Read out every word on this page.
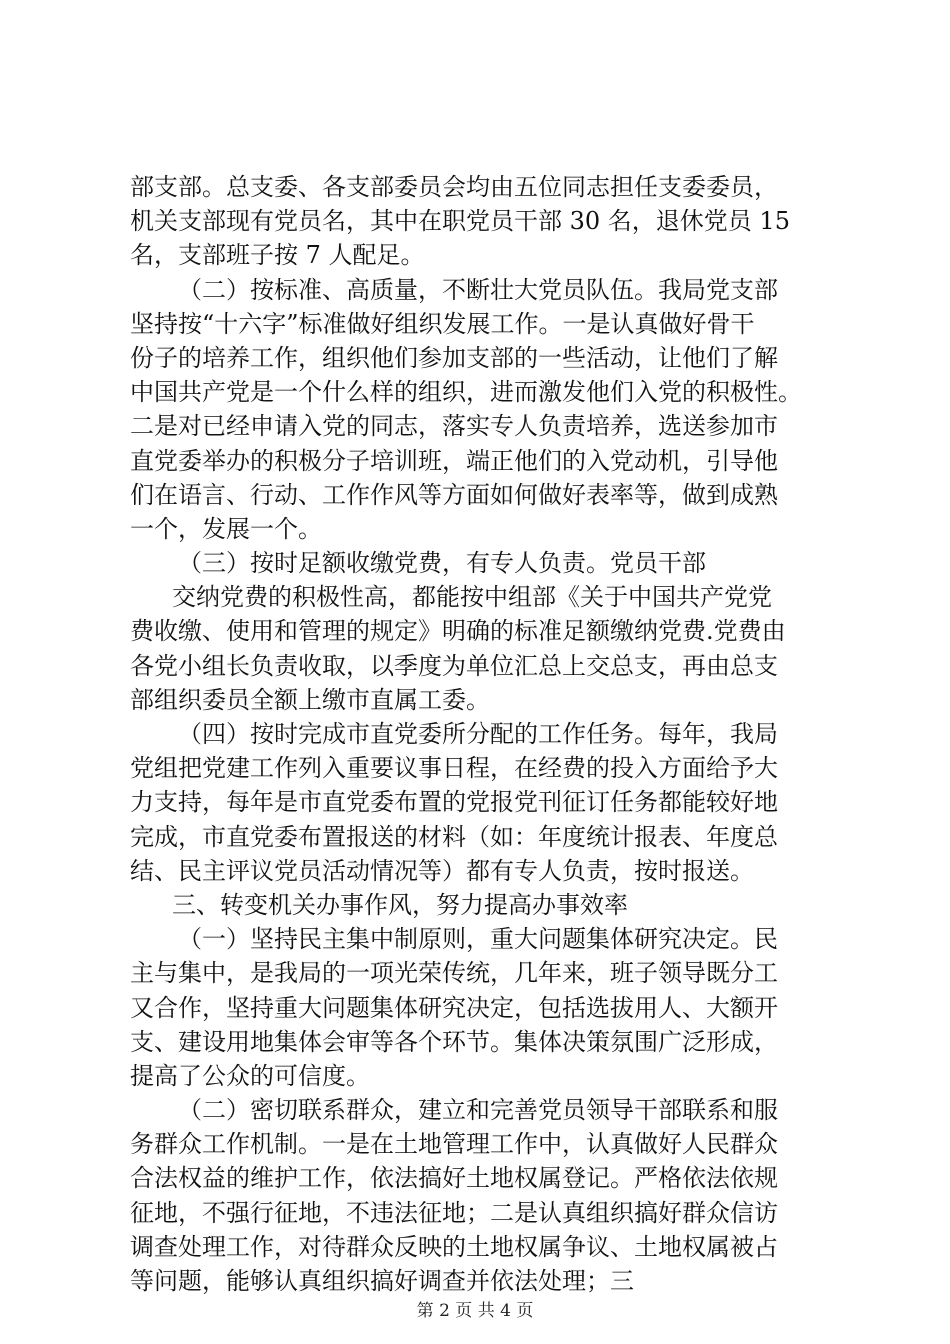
部支部。总支委、各支部委员会均由五位同志担任支委委员，
机关支部现有党员名，其中在职党员干部 30 名，退休党员 15
名，支部班子按 7 人配足。
（二）按标准、高质量，不断壮大党员队伍。我局党支部
坚持按“十六字”标准做好组织发展工作。一是认真做好骨干
份子的培养工作，组织他们参加支部的一些活动，让他们了解
中国共产党是一个什么样的组织，进而激发他们入党的积极性。
二是对已经申请入党的同志，落实专人负责培养，选送参加市
直党委举办的积极分子培训班，端正他们的入党动机，引导他
们在语言、行动、工作作风等方面如何做好表率等，做到成熟
一个，发展一个。
（三）按时足额收缴党费，有专人负责。党员干部
交纳党费的积极性高，都能按中组部《关于中国共产党党
费收缴、使用和管理的规定》明确的标准足额缴纳党费.党费由
各党小组长负责收取，以季度为单位汇总上交总支，再由总支
部组织委员全额上缴市直属工委。
（四）按时完成市直党委所分配的工作任务。每年，我局
党组把党建工作列入重要议事日程，在经费的投入方面给予大
力支持，每年是市直党委布置的党报党刊征订任务都能较好地
完成，市直党委布置报送的材料（如：年度统计报表、年度总
结、民主评议党员活动情况等）都有专人负责，按时报送。
三、转变机关办事作风，努力提高办事效率
（一）坚持民主集中制原则，重大问题集体研究决定。民
主与集中，是我局的一项光荣传统，几年来，班子领导既分工
又合作，坚持重大问题集体研究决定，包括选拔用人、大额开
支、建设用地集体会审等各个环节。集体决策氛围广泛形成，
提高了公众的可信度。
（二）密切联系群众，建立和完善党员领导干部联系和服
务群众工作机制。一是在土地管理工作中，认真做好人民群众
合法权益的维护工作，依法搞好土地权属登记。严格依法依规
征地，不强行征地，不违法征地；二是认真组织搞好群众信访
调查处理工作，对待群众反映的土地权属争议、土地权属被占
等问题，能够认真组织搞好调查并依法处理；三
第 2 页 共 4 页
